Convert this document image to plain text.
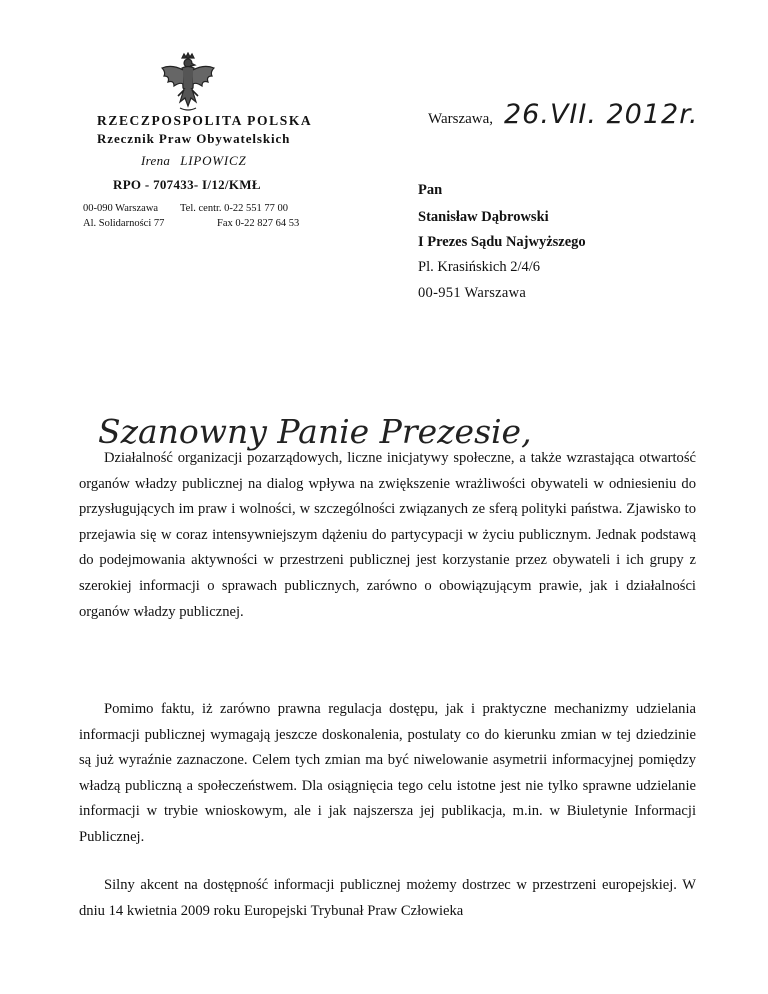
RZECZPOSPOLITA POLSKA
Rzecznik Praw Obywatelskich
Irena LIPOWICZ
RPO - 707433- I/12/KMŁ
00-090 Warszawa Tel. centr. 0-22 551 77 00
Al. Solidarności 77	Fax 0-22 827 64 53
Warszawa, 26.VII. 2012r.
Pan
Stanisław Dąbrowski
I Prezes Sądu Najwyższego
Pl. Krasińskich 2/4/6
00-951 Warszawa
Szanowny Panie Prezesie,

Działalność organizacji pozarządowych, liczne inicjatywy społeczne, a także wzrastająca otwartość organów władzy publicznej na dialog wpływa na zwiększenie wrażliwości obywateli w odniesieniu do przysługujących im praw i wolności, w szczególności związanych ze sferą polityki państwa. Zjawisko to przejawia się w coraz intensywniejszym dążeniu do partycypacji w życiu publicznym. Jednak podstawą do podejmowania aktywności w przestrzeni publicznej jest korzystanie przez obywateli i ich grupy z szerokiej informacji o sprawach publicznych, zarówno o obowiązującym prawie, jak i działalności organów władzy publicznej.

Pomimo faktu, iż zarówno prawna regulacja dostępu, jak i praktyczne mechanizmy udzielania informacji publicznej wymagają jeszcze doskonalenia, postulaty co do kierunku zmian w tej dziedzinie są już wyraźnie zaznaczone. Celem tych zmian ma być niwelowanie asymetrii informacyjnej pomiędzy władzą publiczną a społeczeństwem. Dla osiągnięcia tego celu istotne jest nie tylko sprawne udzielanie informacji w trybie wnioskowym, ale i jak najszersza jej publikacja, m.in. w Biuletynie Informacji Publicznej.

Silny akcent na dostępność informacji publicznej możemy dostrzec w przestrzeni europejskiej. W dniu 14 kwietnia 2009 roku Europejski Trybunał Praw Człowieka
